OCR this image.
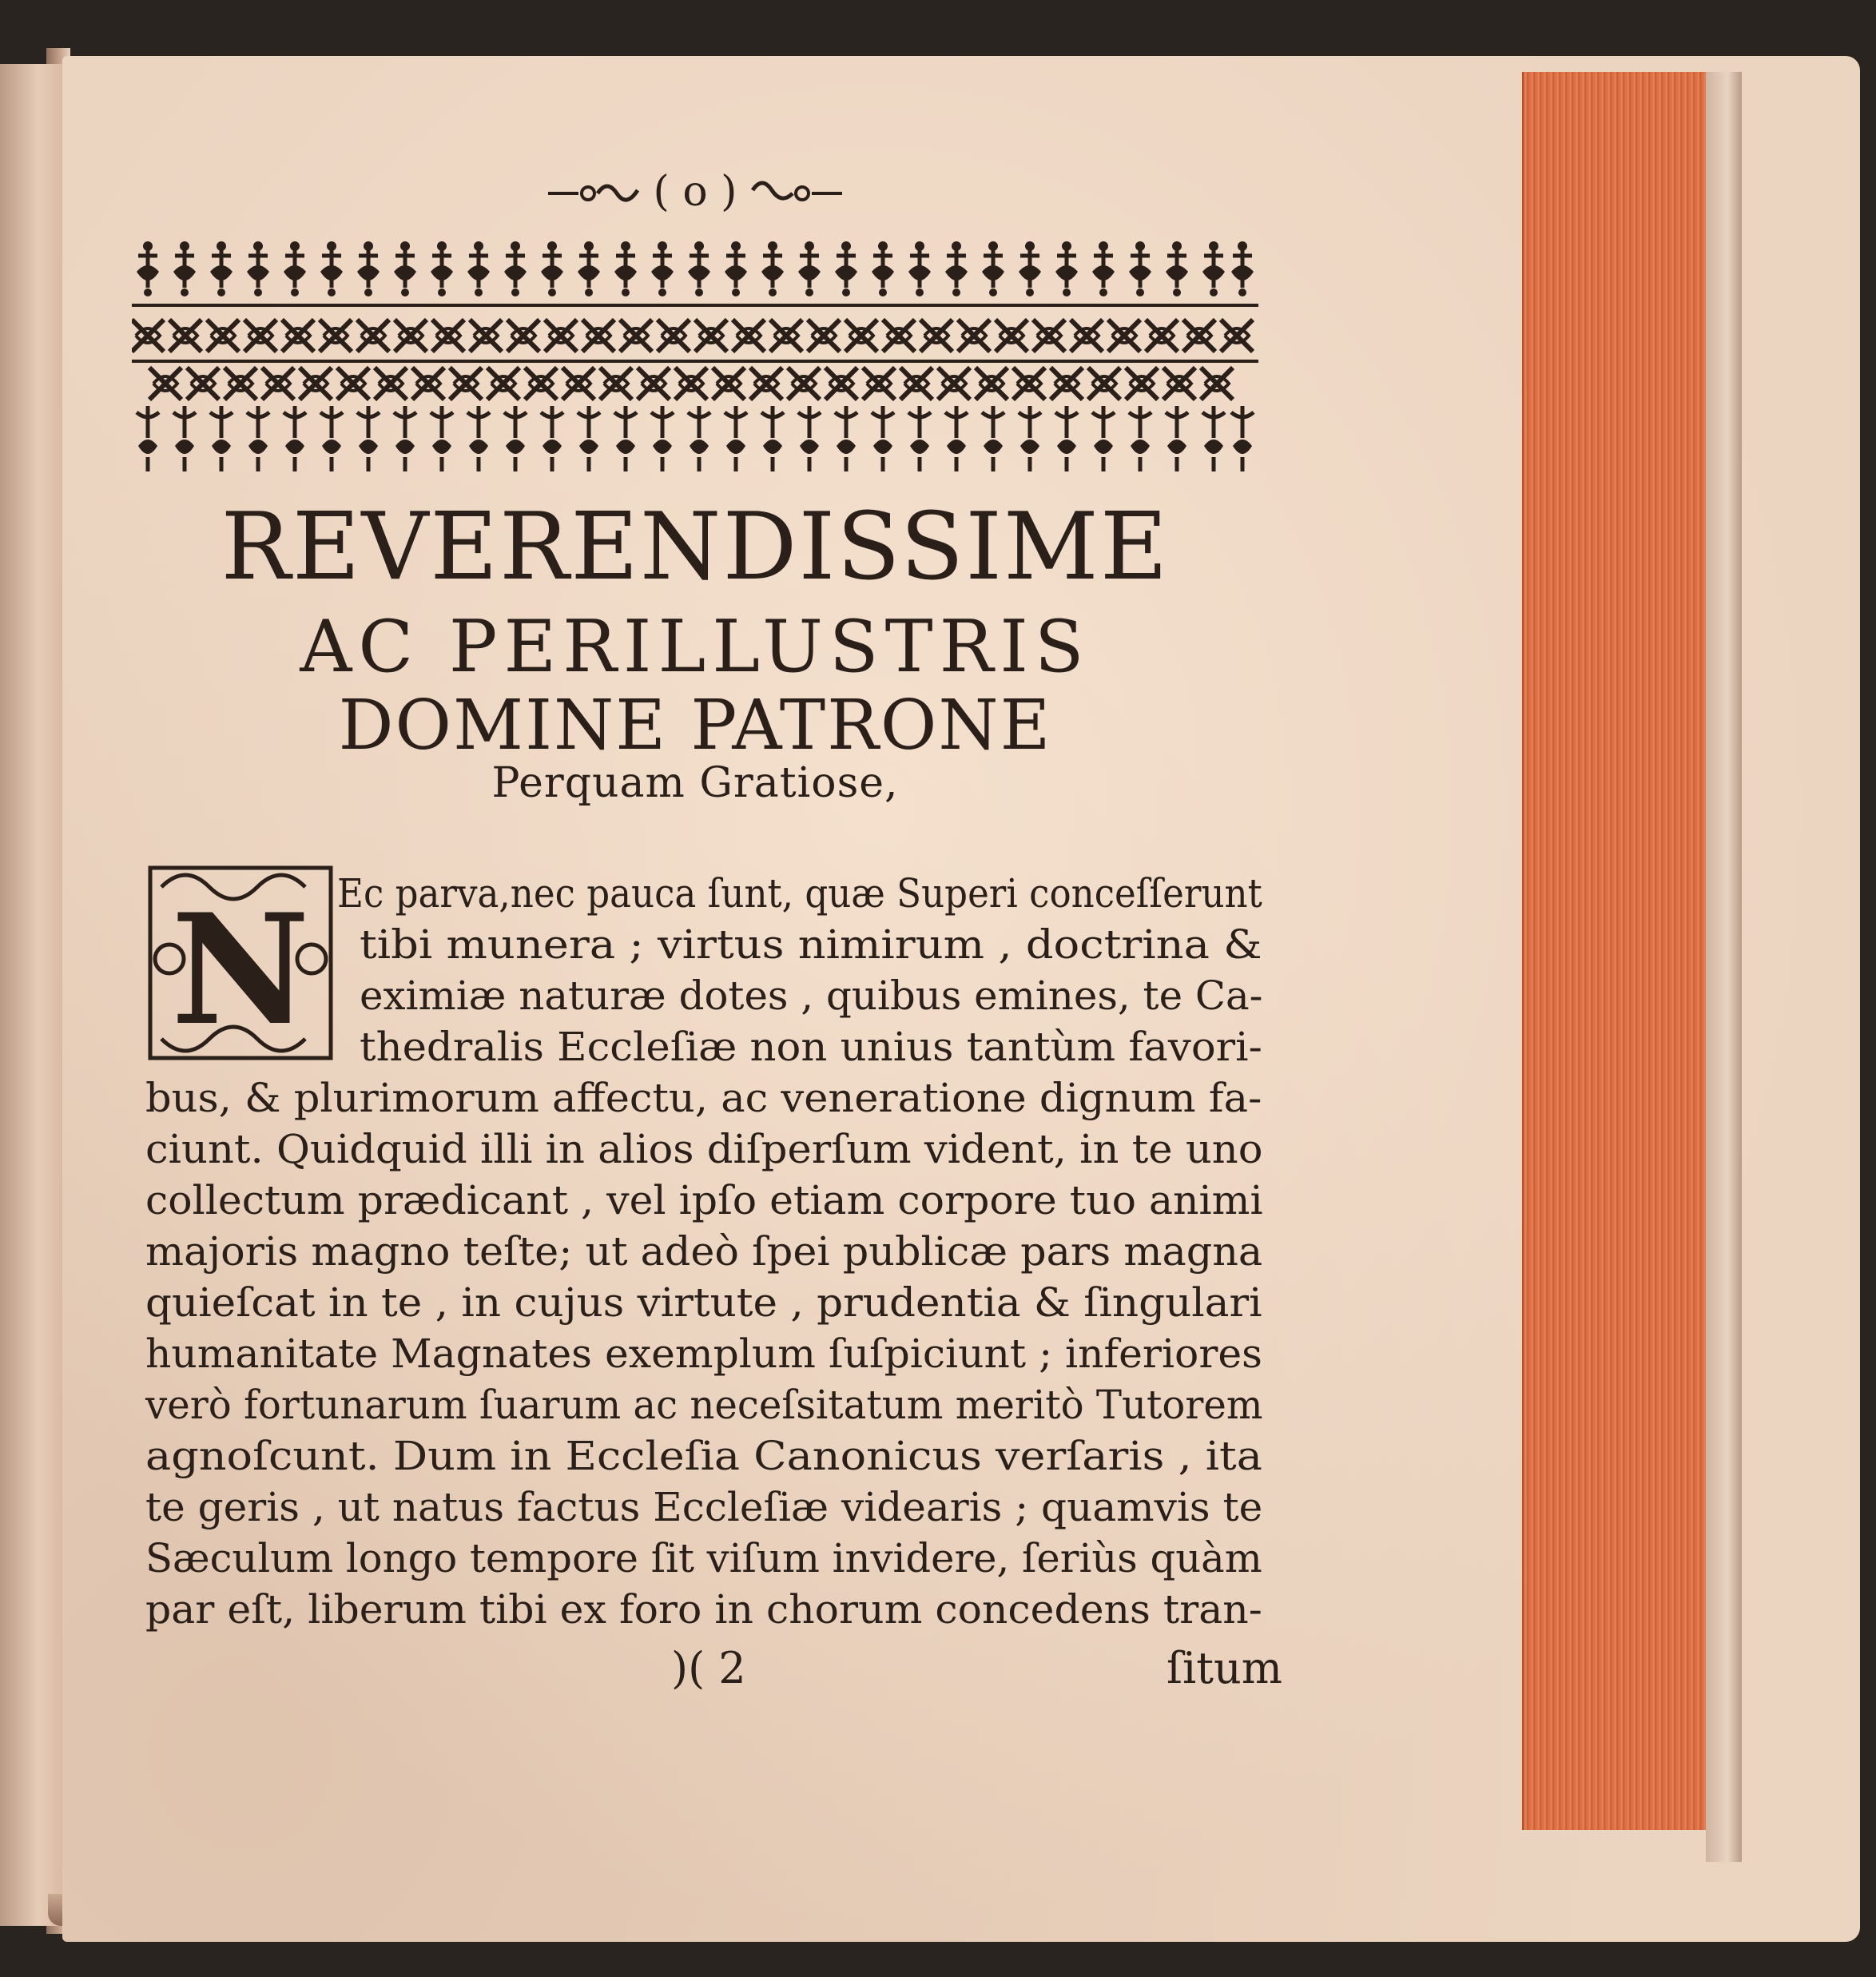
( o )
REVERENDISSIME
AC PERILLUSTRIS
DOMINE PATRONE
Perquam Gratiose,
N Ec parva,nec pauca ſunt, quæ Superi conceſſerunt
tibi munera ; virtus nimirum , doctrina &
eximiæ naturæ dotes , quibus emines, te Ca-
thedralis Eccleſiæ non unius tantùm favori-
bus, & plurimorum affectu, ac veneratione dignum fa-
ciunt. Quidquid illi in alios diſperſum vident, in te uno
collectum prædicant , vel ipſo etiam corpore tuo animi
majoris magno teſte; ut adeò ſpei publicæ pars magna
quieſcat in te , in cujus virtute , prudentia & ſingulari
humanitate Magnates exemplum ſuſpiciunt ; inferiores
verò fortunarum ſuarum ac neceſsitatum meritò Tutorem
agnoſcunt. Dum in Eccleſia Canonicus verſaris , ita
te geris , ut natus factus Eccleſiæ videaris ; quamvis te
Sæculum longo tempore ſit viſum invidere, ſeriùs quàm
par eſt, liberum tibi ex foro in chorum concedens tran-
)( 2	ſitum
